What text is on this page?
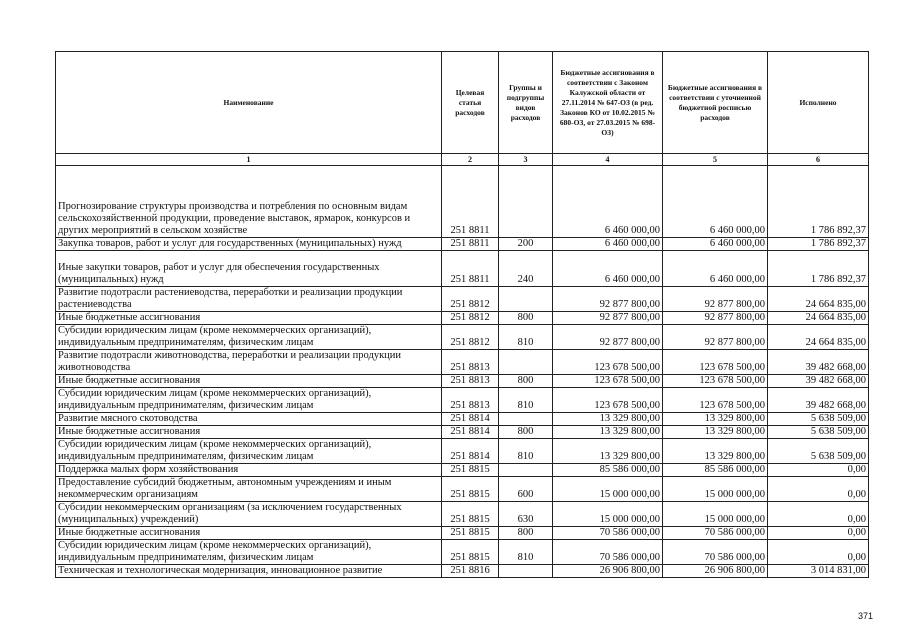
Наименование	Целевая статья расходов	Группы и подгруппы видов расходов	Бюджетные ассигнования в соответствии с Законом Калужской области от 27.11.2014 № 647-ОЗ (в ред. Законов КО от 10.02.2015 № 680-ОЗ, от 27.03.2015 № 698-ОЗ)	Бюджетные ассигнования в соответствии с уточненной бюджетной росписью расходов	Исполнено
1	2	3	4	5	6
Прогнозирование структуры производства и потребления по основным видам сельскохозяйственной продукции, проведение выставок, ярмарок, конкурсов и других мероприятий в сельском хозяйстве	251 8811		6 460 000,00	6 460 000,00	1 786 892,37
Закупка товаров, работ и услуг для государственных (муниципальных) нужд	251 8811	200	6 460 000,00	6 460 000,00	1 786 892,37
Иные закупки товаров, работ и услуг для обеспечения государственных (муниципальных) нужд	251 8811	240	6 460 000,00	6 460 000,00	1 786 892,37
Развитие подотрасли растениеводства, переработки и реализации продукции растениеводства	251 8812		92 877 800,00	92 877 800,00	24 664 835,00
Иные бюджетные ассигнования	251 8812	800	92 877 800,00	92 877 800,00	24 664 835,00
Субсидии юридическим лицам (кроме некоммерческих организаций), индивидуальным предпринимателям, физическим лицам	251 8812	810	92 877 800,00	92 877 800,00	24 664 835,00
Развитие подотрасли животноводства, переработки и реализации продукции животноводства	251 8813		123 678 500,00	123 678 500,00	39 482 668,00
Иные бюджетные ассигнования	251 8813	800	123 678 500,00	123 678 500,00	39 482 668,00
Субсидии юридическим лицам (кроме некоммерческих организаций), индивидуальным предпринимателям, физическим лицам	251 8813	810	123 678 500,00	123 678 500,00	39 482 668,00
Развитие мясного скотоводства	251 8814		13 329 800,00	13 329 800,00	5 638 509,00
Иные бюджетные ассигнования	251 8814	800	13 329 800,00	13 329 800,00	5 638 509,00
Субсидии юридическим лицам (кроме некоммерческих организаций), индивидуальным предпринимателям, физическим лицам	251 8814	810	13 329 800,00	13 329 800,00	5 638 509,00
Поддержка малых форм хозяйствования	251 8815		85 586 000,00	85 586 000,00	0,00
Предоставление субсидий бюджетным, автономным учреждениям и иным некоммерческим организациям	251 8815	600	15 000 000,00	15 000 000,00	0,00
Субсидии некоммерческим организациям (за исключением государственных (муниципальных) учреждений)	251 8815	630	15 000 000,00	15 000 000,00	0,00
Иные бюджетные ассигнования	251 8815	800	70 586 000,00	70 586 000,00	0,00
Субсидии юридическим лицам (кроме некоммерческих организаций), индивидуальным предпринимателям, физическим лицам	251 8815	810	70 586 000,00	70 586 000,00	0,00
Техническая и технологическая модернизация, инновационное развитие	251 8816		26 906 800,00	26 906 800,00	3 014 831,00
371
